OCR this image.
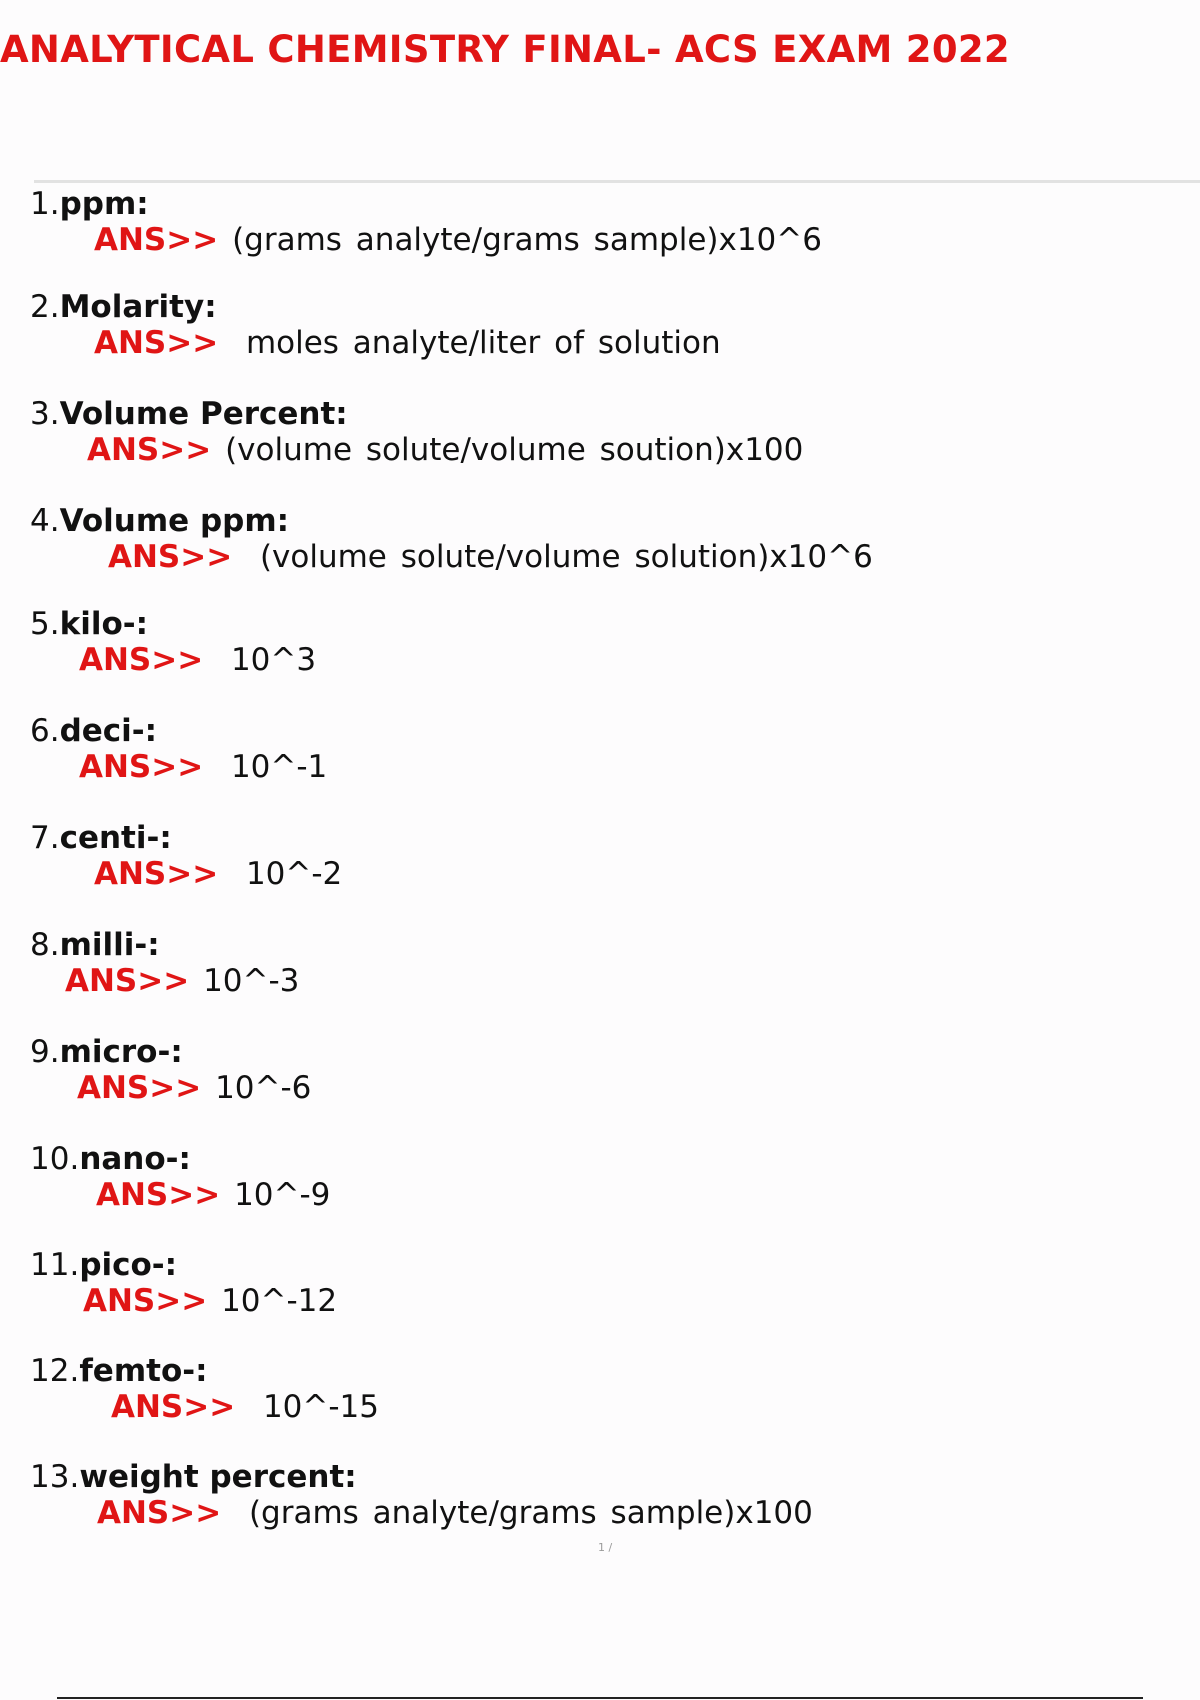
ANALYTICAL CHEMISTRY FINAL- ACS EXAM 2022
1.ppm:
ANS>> (grams analyte/grams sample)x10^6
2.Molarity:
ANS>> moles analyte/liter of solution
3.Volume Percent:
ANS>> (volume solute/volume soution)x100
4.Volume ppm:
ANS>> (volume solute/volume solution)x10^6
5.kilo-:
ANS>> 10^3
6.deci-:
ANS>> 10^-1
7.centi-:
ANS>> 10^-2
8.milli-:
ANS>> 10^-3
9.micro-:
ANS>> 10^-6
10.nano-:
ANS>> 10^-9
11.pico-:
ANS>> 10^-12
12.femto-:
ANS>> 10^-15
13.weight percent:
ANS>> (grams analyte/grams sample)x100
1 /
